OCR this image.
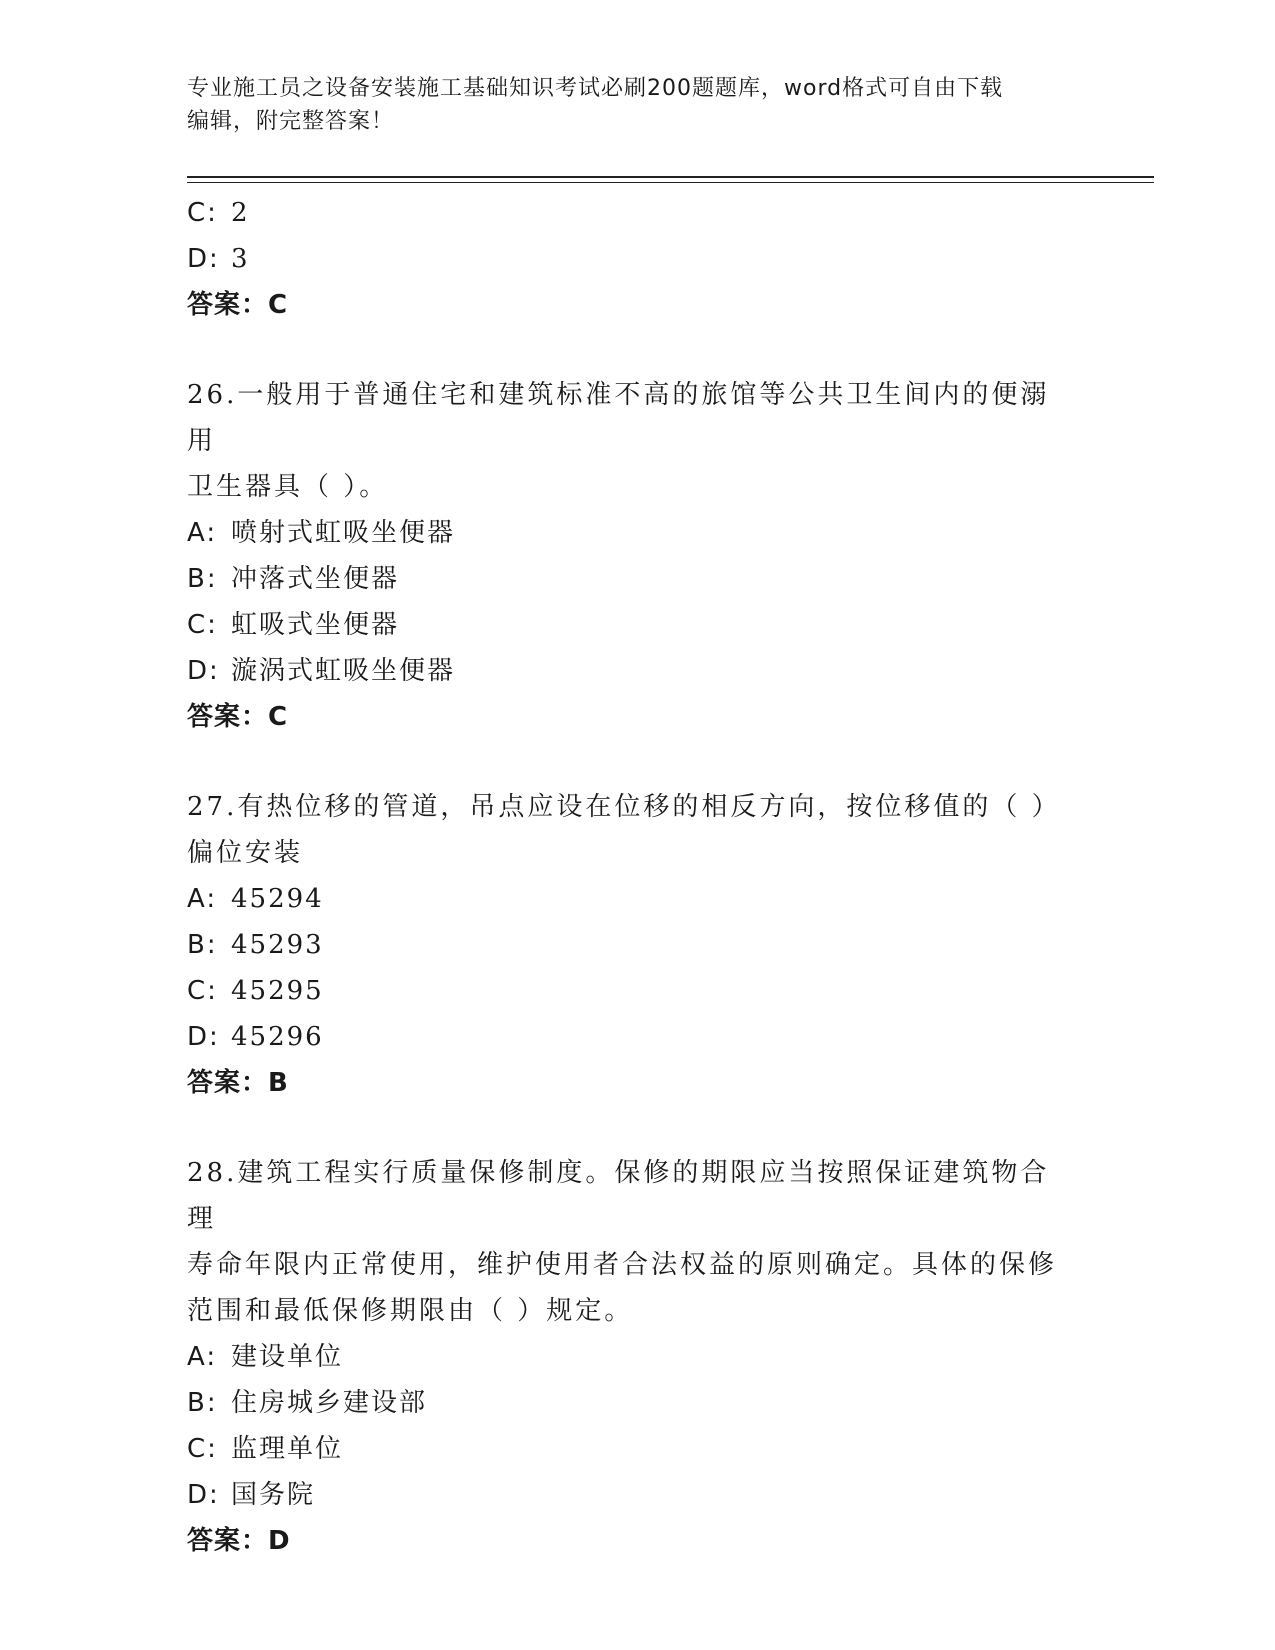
专业施工员之设备安装施工基础知识考试必刷200题题库，word格式可自由下载
编辑，附完整答案！
C: 2
D: 3
答案：C
26.一般用于普通住宅和建筑标准不高的旅馆等公共卫生间内的便溺用
卫生器具（ ）。
A: 喷射式虹吸坐便器
B: 冲落式坐便器
C: 虹吸式坐便器
D: 漩涡式虹吸坐便器
答案：C
27.有热位移的管道，吊点应设在位移的相反方向，按位移值的（ ）
偏位安装
A: 45294
B: 45293
C: 45295
D: 45296
答案：B
28.建筑工程实行质量保修制度。保修的期限应当按照保证建筑物合理
寿命年限内正常使用，维护使用者合法权益的原则确定。具体的保修
范围和最低保修期限由（ ）规定。
A: 建设单位
B: 住房城乡建设部
C: 监理单位
D: 国务院
答案：D
